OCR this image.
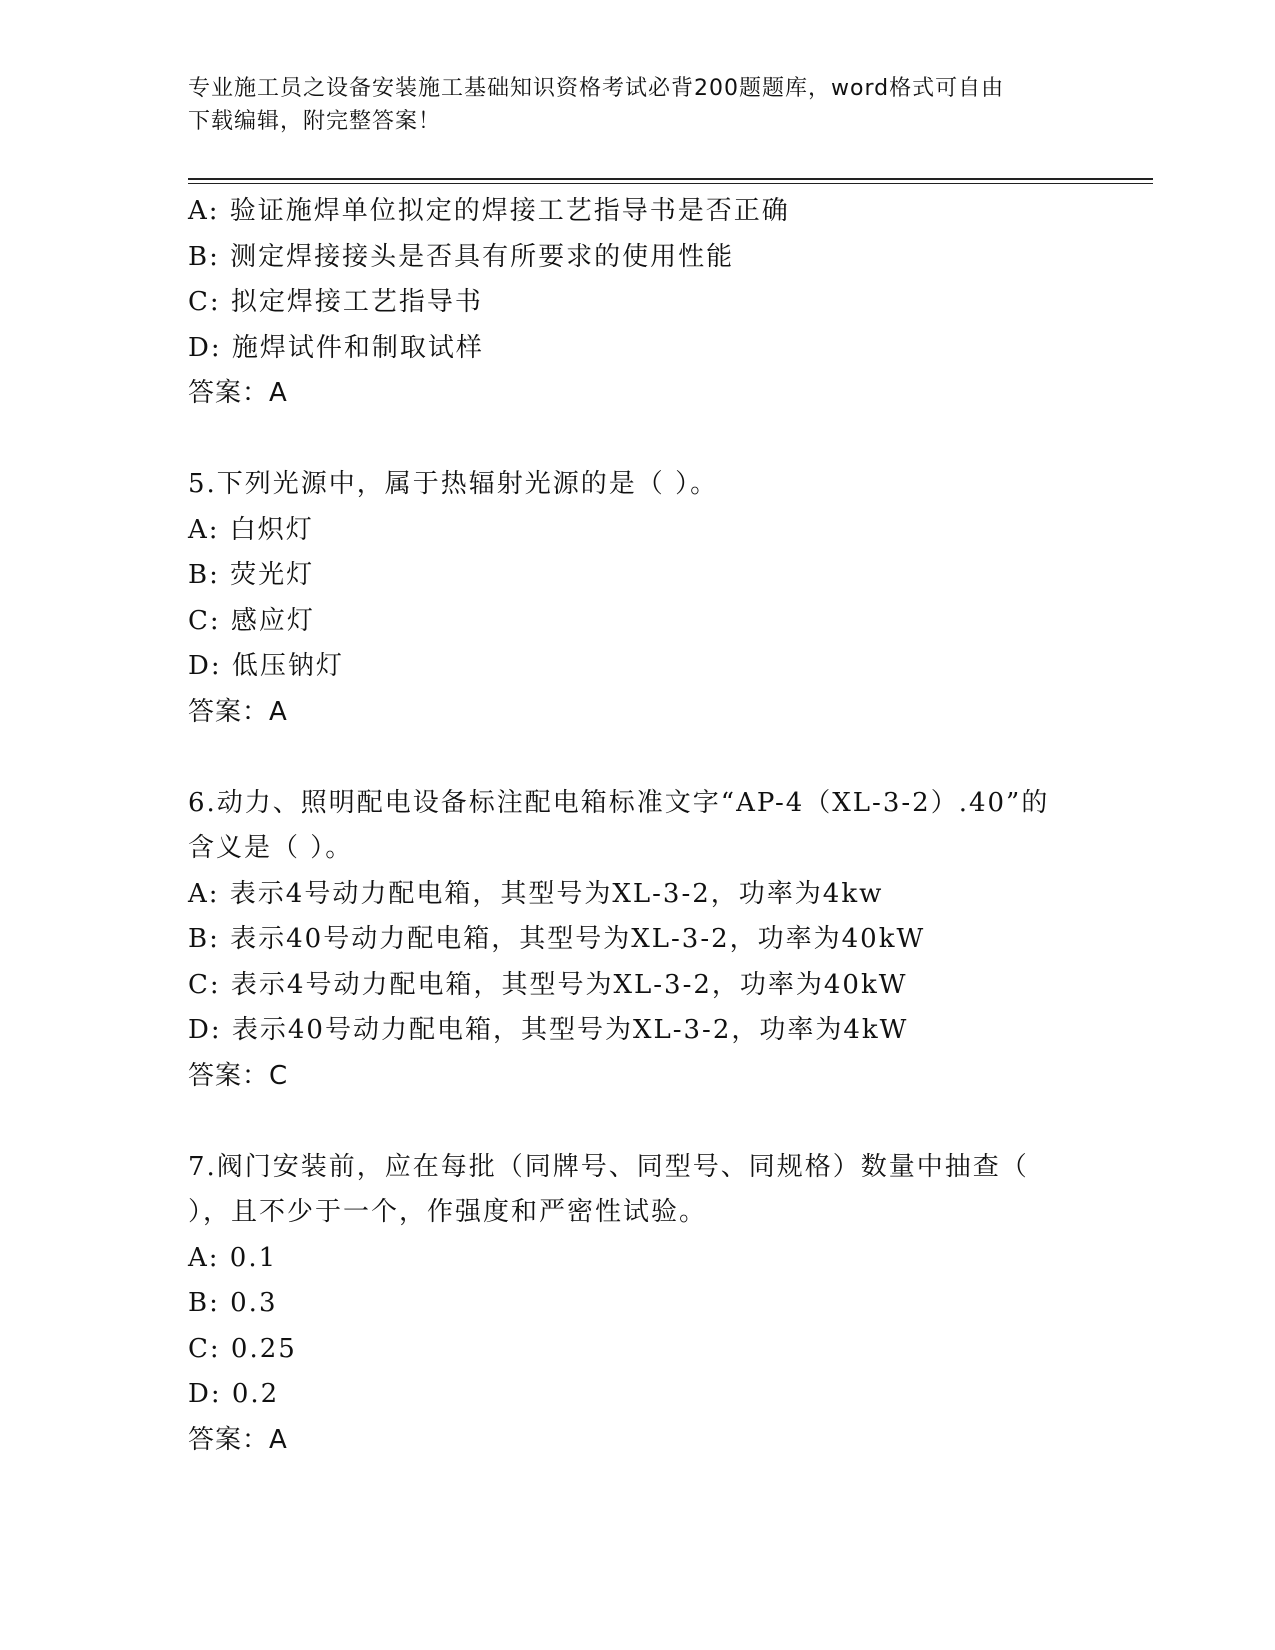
专业施工员之设备安装施工基础知识资格考试必背200题题库，word格式可自由
下载编辑，附完整答案！
A: 验证施焊单位拟定的焊接工艺指导书是否正确
B: 测定焊接接头是否具有所要求的使用性能
C: 拟定焊接工艺指导书
D: 施焊试件和制取试样
答案：A
5.下列光源中，属于热辐射光源的是（ ）。
A: 白炽灯
B: 荧光灯
C: 感应灯
D: 低压钠灯
答案：A
6.动力、照明配电设备标注配电箱标准文字“AP-4（XL-3-2）.40”的
含义是（ ）。
A: 表示4号动力配电箱，其型号为XL-3-2，功率为4kw
B: 表示40号动力配电箱，其型号为XL-3-2，功率为40kW
C: 表示4号动力配电箱，其型号为XL-3-2，功率为40kW
D: 表示40号动力配电箱，其型号为XL-3-2，功率为4kW
答案：C
7.阀门安装前，应在每批（同牌号、同型号、同规格）数量中抽查（
），且不少于一个，作强度和严密性试验。
A: 0.1
B: 0.3
C: 0.25
D: 0.2
答案：A
